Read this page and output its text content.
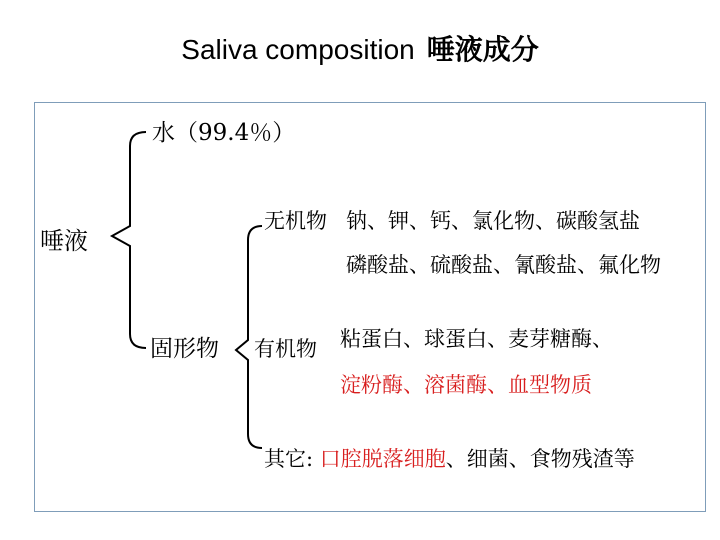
Saliva composition 唾液成分
唾液
水（99.4％）
固形物
无机物 钠、钾、钙、氯化物、碳酸氢盐
磷酸盐、硫酸盐、氰酸盐、氟化物
有机物 粘蛋白、球蛋白、麦芽糖酶、
淀粉酶、溶菌酶、血型物质
其它: 口腔脱落细胞、细菌、食物残渣等
